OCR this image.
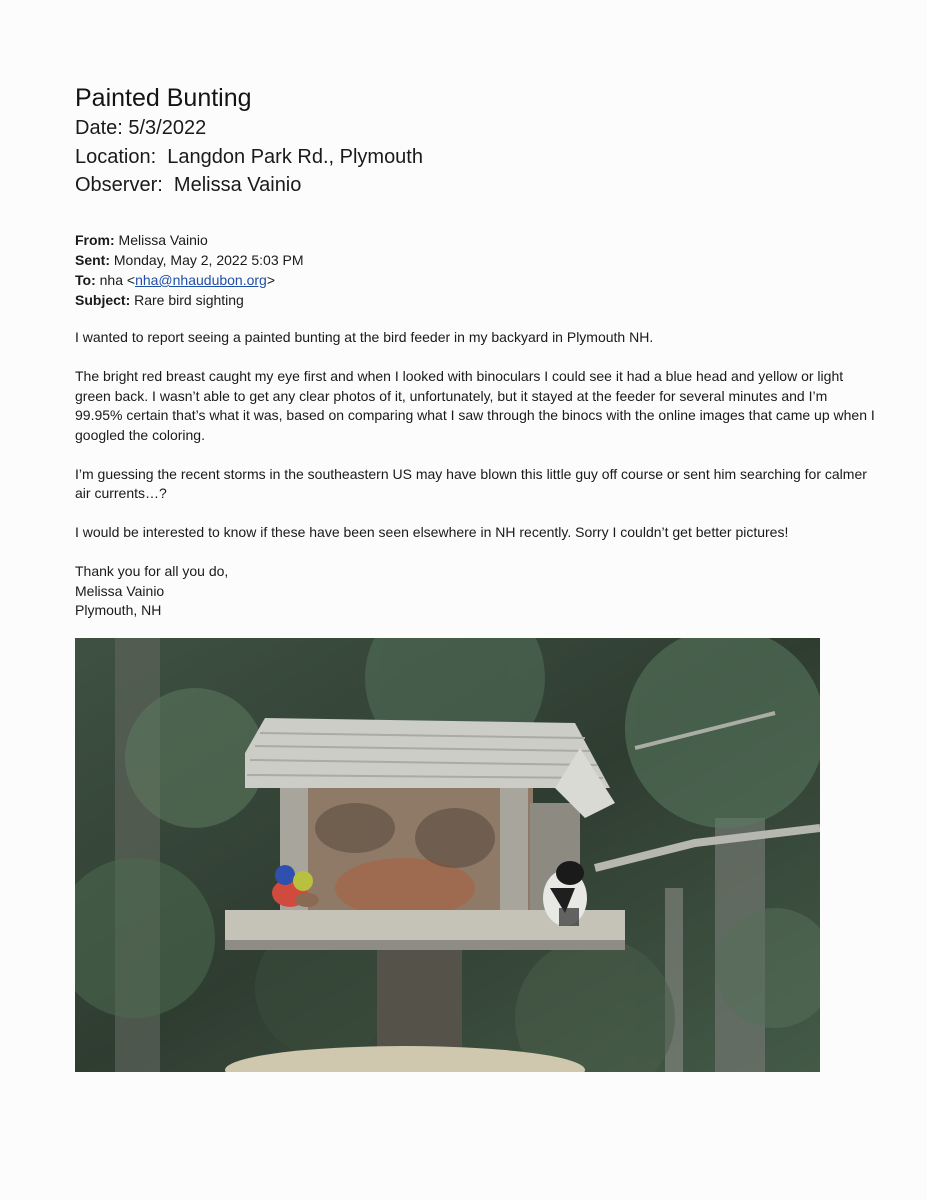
Painted Bunting
Date: 5/3/2022
Location:  Langdon Park Rd., Plymouth
Observer:  Melissa Vainio
From: Melissa Vainio
Sent: Monday, May 2, 2022 5:03 PM
To: nha <nha@nhaudubon.org>
Subject: Rare bird sighting

I wanted to report seeing a painted bunting at the bird feeder in my backyard in Plymouth NH.

The bright red breast caught my eye first and when I looked with binoculars I could see it had a blue head and yellow or light green back. I wasn’t able to get any clear photos of it, unfortunately, but it stayed at the feeder for several minutes and I’m 99.95% certain that’s what it was, based on comparing what I saw through the binocs with the online images that came up when I googled the coloring.

I’m guessing the recent storms in the southeastern US may have blown this little guy off course or sent him searching for calmer air currents…?

I would be interested to know if these have been seen elsewhere in NH recently. Sorry I couldn’t get better pictures!

Thank you for all you do,
Melissa Vainio
Plymouth, NH
